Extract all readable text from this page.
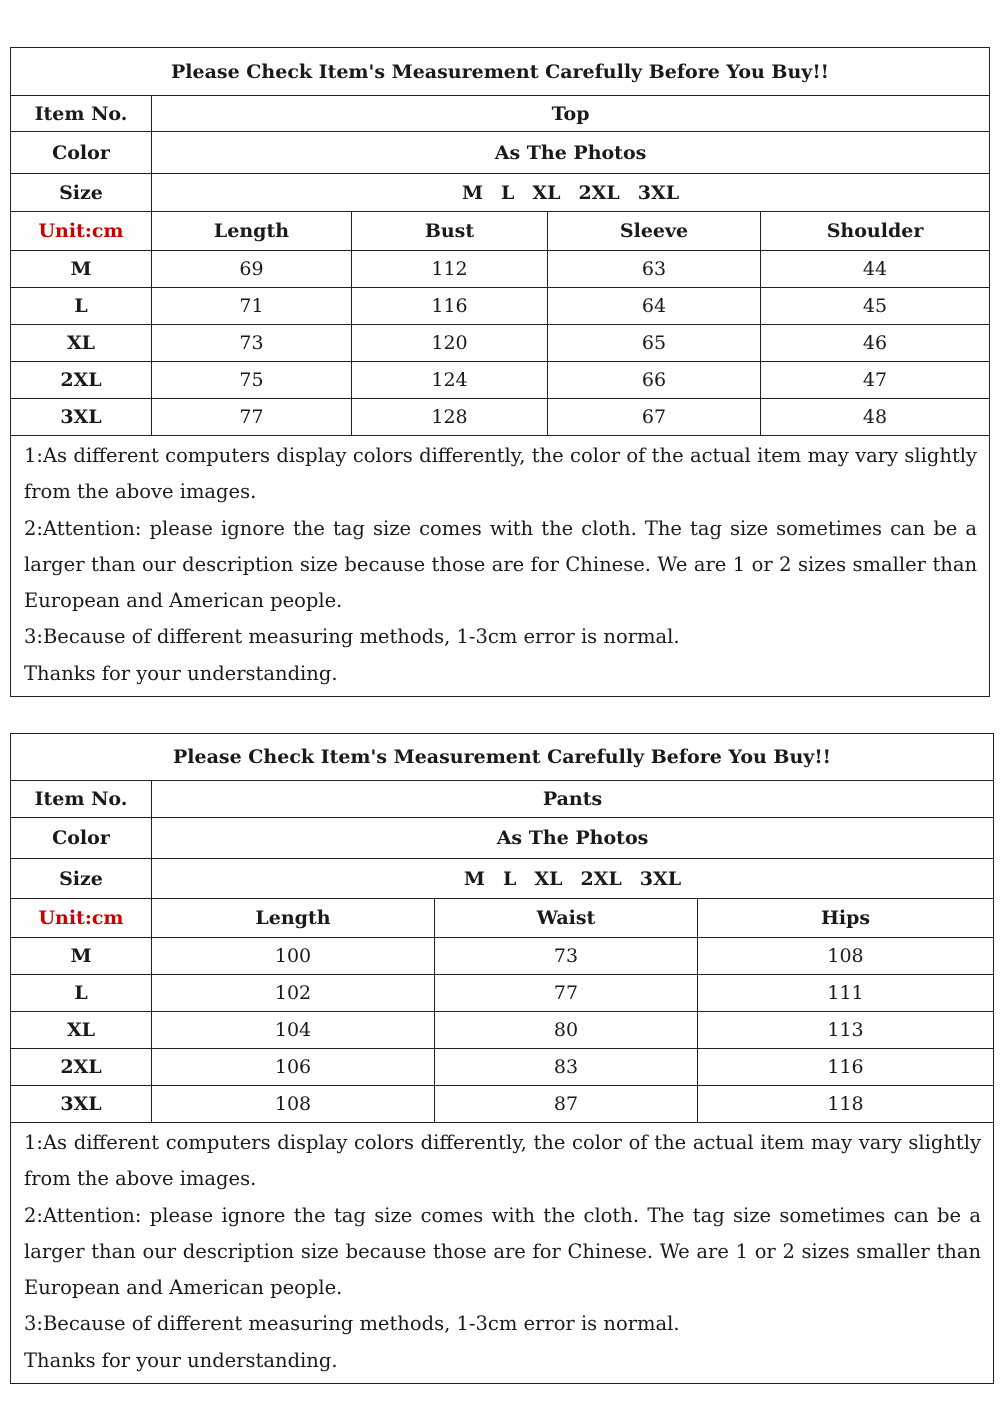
Please Check Item's Measurement Carefully Before You Buy!!				
Item No.	Top			
Color	As The Photos			
Size	M L XL 2XL 3XL			
Unit:cm	Length	Bust	Sleeve	Shoulder
M	69	112	63	44
L	71	116	64	45
XL	73	120	65	46
2XL	75	124	66	47
3XL	77	128	67	48

1:As different computers display colors differently, the color of the actual item may vary slightly from the above images.

2:Attention: please ignore the tag size comes with the cloth. The tag size sometimes can be a larger than our description size because those are for Chinese. We are 1 or 2 sizes smaller than European and American people.

3:Because of different measuring methods, 1-3cm error is normal.

Thanks for your understanding.				

Please Check Item's Measurement Carefully Before You Buy!!			
Item No.	Pants		
Color	As The Photos		
Size	M L XL 2XL 3XL		
Unit:cm	Length	Waist	Hips
M	100	73	108
L	102	77	111
XL	104	80	113
2XL	106	83	116
3XL	108	87	118

1:As different computers display colors differently, the color of the actual item may vary slightly from the above images.

2:Attention: please ignore the tag size comes with the cloth. The tag size sometimes can be a larger than our description size because those are for Chinese. We are 1 or 2 sizes smaller than European and American people.

3:Because of different measuring methods, 1-3cm error is normal.

Thanks for your understanding.			
